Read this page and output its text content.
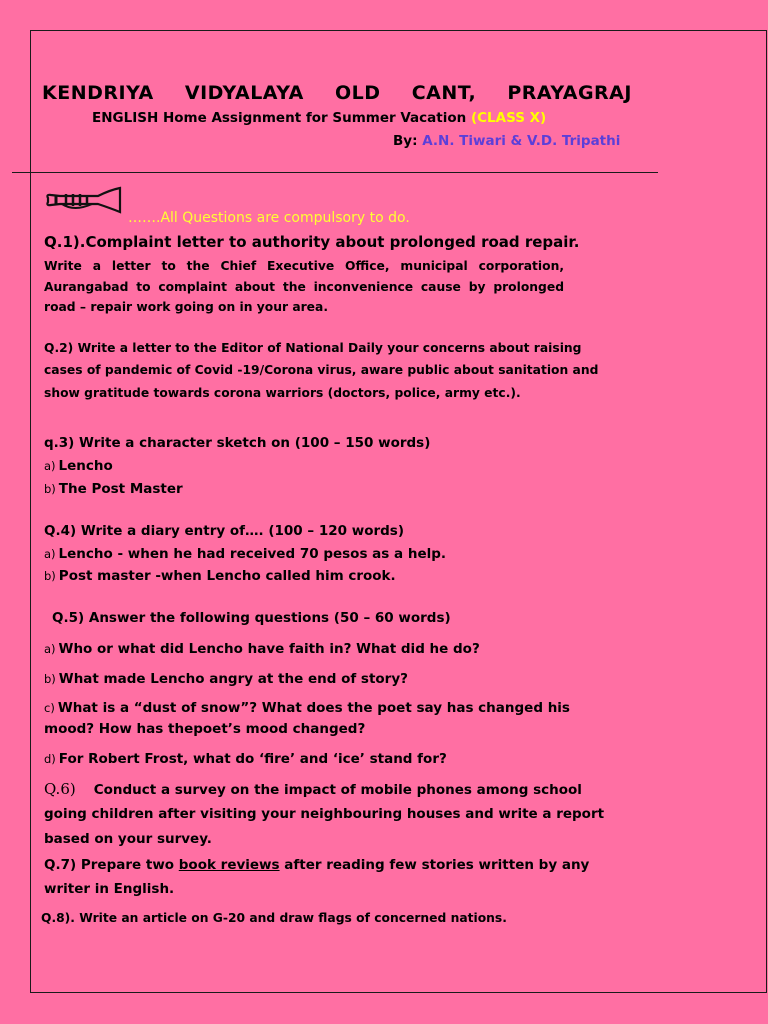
KENDRIYA VIDYALAYA OLD CANT, PRAYAGRAJ
ENGLISH Home Assignment for Summer Vacation (CLASS X)
By: A.N. Tiwari & V.D. Tripathi
…….All Questions are compulsory to do.
Q.1).Complaint letter to authority about prolonged road repair.
Write a letter to the Chief Executive Office, municipal corporation, Aurangabad to complaint about the inconvenience cause by prolonged road – repair work going on in your area.
Q.2) Write a letter to the Editor of National Daily your concerns about raising
cases of pandemic of Covid -19/Corona virus, aware public about sanitation and
show gratitude towards corona warriors (doctors, police, army etc.).
q.3) Write a character sketch on (100 – 150 words)
a) Lencho
b) The Post Master
Q.4) Write a diary entry of…. (100 – 120 words)
a) Lencho - when he had received 70 pesos as a help.
b) Post master -when Lencho called him crook.
Q.5) Answer the following questions (50 – 60 words)
a) Who or what did Lencho have faith in? What did he do?
b) What made Lencho angry at the end of story?
c) What is a “dust of snow”? What does the poet say has changed his
mood? How has thepoet’s mood changed?
d) For Robert Frost, what do ‘fire’ and ‘ice’ stand for?
Q.6) Conduct a survey on the impact of mobile phones among school
going children after visiting your neighbouring houses and write a report
based on your survey.
Q.7) Prepare two book reviews after reading few stories written by any
writer in English.
Q.8). Write an article on G-20 and draw flags of concerned nations.
